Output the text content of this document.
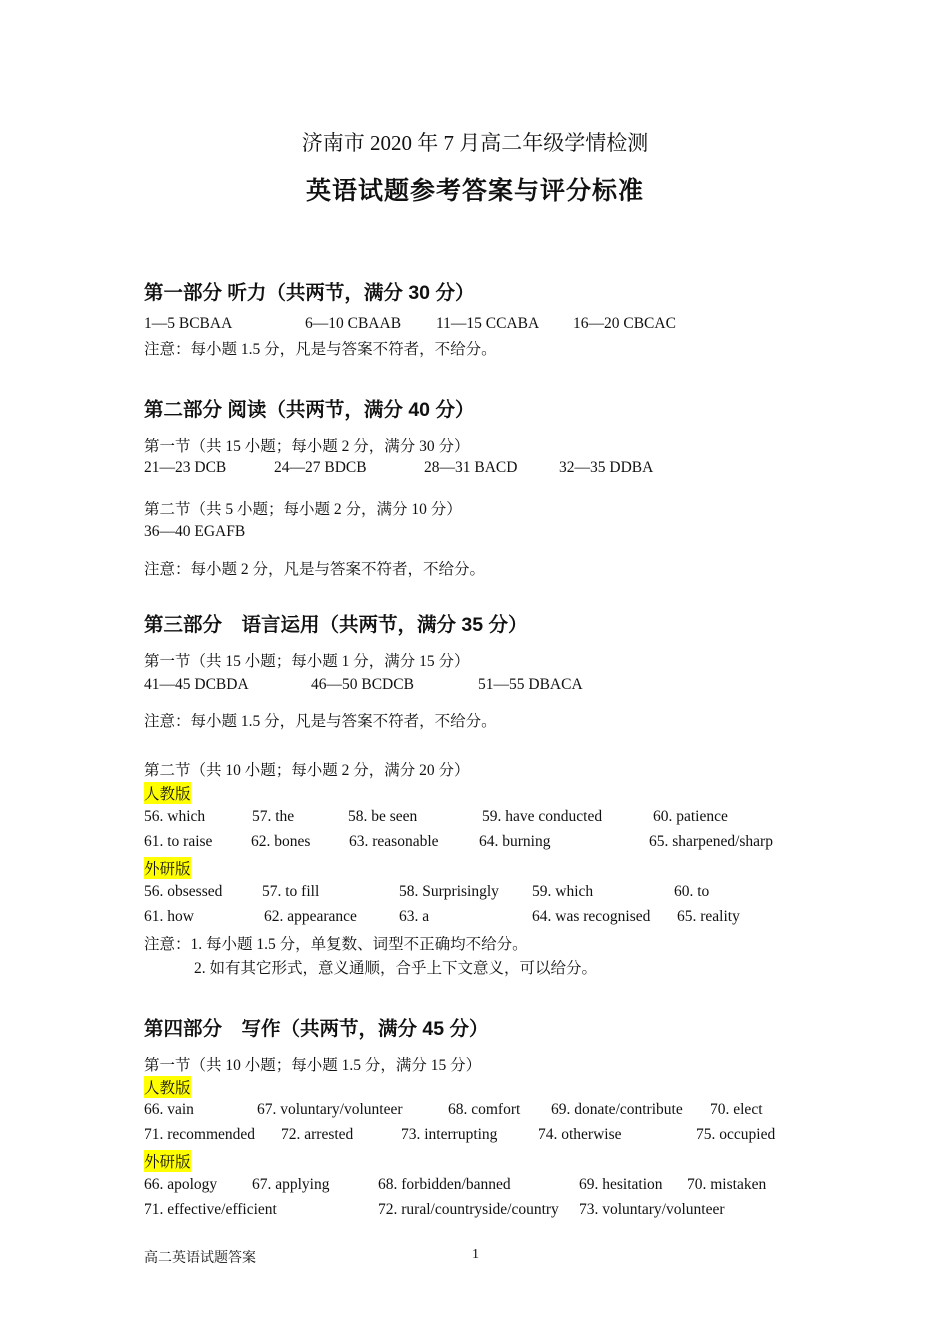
济南市 2020 年 7 月高二年级学情检测
英语试题参考答案与评分标准
第一部分 听力（共两节，满分 30 分）
1—5 BCBAA	6—10 CBAAB 11—15 CCABA 16—20 CBCAC
注意：每小题 1.5 分，凡是与答案不符者，不给分。
第二部分 阅读（共两节，满分 40 分）
第一节（共 15 小题；每小题 2 分，满分 30 分）
21—23 DCB	24—27 BDCB	28—31 BACD	32—35 DDBA
第二节（共 5 小题；每小题 2 分，满分 10 分）
36—40 EGAFB
注意：每小题 2 分，凡是与答案不符者，不给分。
第三部分　语言运用（共两节，满分 35 分）
第一节（共 15 小题；每小题 1 分，满分 15 分）
41—45 DCBDA	46—50 BCDCB	51—55 DBACA
注意：每小题 1.5 分，凡是与答案不符者，不给分。
第二节（共 10 小题；每小题 2 分，满分 20 分）
人教版
56. which	57. the	58. be seen	59. have conducted	60. patience
61. to raise 62. bones 63. reasonable	64. burning	65. sharpened/sharp
外研版
56. obsessed	57. to fill	58. Surprisingly 59. which	60. to
61. how	62. appearance	63. a	64. was recognised 65. reality
注意：1. 每小题 1.5 分，单复数、词型不正确均不给分。
2. 如有其它形式，意义通顺，合乎上下文意义，可以给分。
第四部分　写作（共两节，满分 45 分）
第一节（共 10 小题；每小题 1.5 分，满分 15 分）
人教版
66. vain	67. voluntary/volunteer	68. comfort 69. donate/contribute 70. elect
71. recommended 72. arrested	73. interrupting	74. otherwise	75. occupied
外研版
66. apology 67. applying	68. forbidden/banned	69. hesitation 70. mistaken
71. effective/efficient	72. rural/countryside/country 73. voluntary/volunteer
高二英语试题答案	1
